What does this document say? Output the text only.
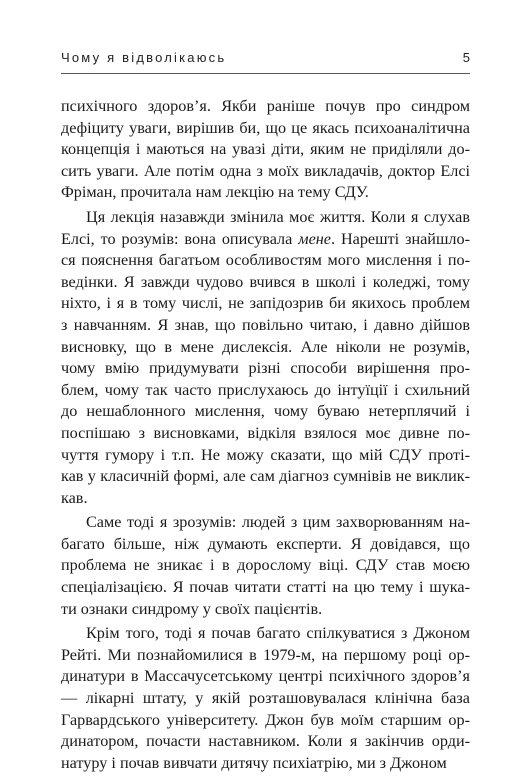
Чому я відволікаюсь	5
психічного здоров’я. Якби раніше почув про синдром
дефіциту уваги, вирішив би, що це якась психоаналітична
концепція і маються на увазі діти, яким не приділяли до-
сить уваги. Але потім одна з моїх викладачів, доктор Елсі
Фріман, прочитала нам лекцію на тему СДУ.
Ця лекція назавжди змінила моє життя. Коли я слухав
Елсі, то розумів: вона описувала мене. Нарешті знайшло-
ся пояснення багатьом особливостям мого мислення і по-
ведінки. Я завжди чудово вчився в школі і коледжі, тому
ніхто, і я в тому числі, не запідозрив би якихось проблем
з навчанням. Я знав, що повільно читаю, і давно дійшов
висновку, що в мене дислексія. Але ніколи не розумів,
чому вмію придумувати різні способи вирішення про-
блем, чому так часто прислухаюсь до інтуїції і схильний
до нешаблонного мислення, чому буваю нетерплячий і
поспішаю з висновками, відкіля взялося моє дивне по-
чуття гумору і т.п. Не можу сказати, що мій СДУ проті-
кав у класичній формі, але сам діагноз сумнівів не виклик-
кав.
Саме тоді я зрозумів: людей з цим захворюванням на-
багато більше, ніж думають експерти. Я довідався, що
проблема не зникає і в дорослому віці. СДУ став моєю
спеціалізацією. Я почав читати статті на цю тему і шука-
ти ознаки синдрому у своїх пацієнтів.
Крім того, тоді я почав багато спілкуватися з Джоном
Рейті. Ми познайомилися в 1979-м, на першому році ор-
динатури в Массачусетському центрі психічного здоров’я
— лікарні штату, у якій розташовувалася клінічна база
Гарвардського університету. Джон був моїм старшим ор-
динатором, почасти наставником. Коли я закінчив орди-
натуру і почав вивчати дитячу психіатрію, ми з Джоном
